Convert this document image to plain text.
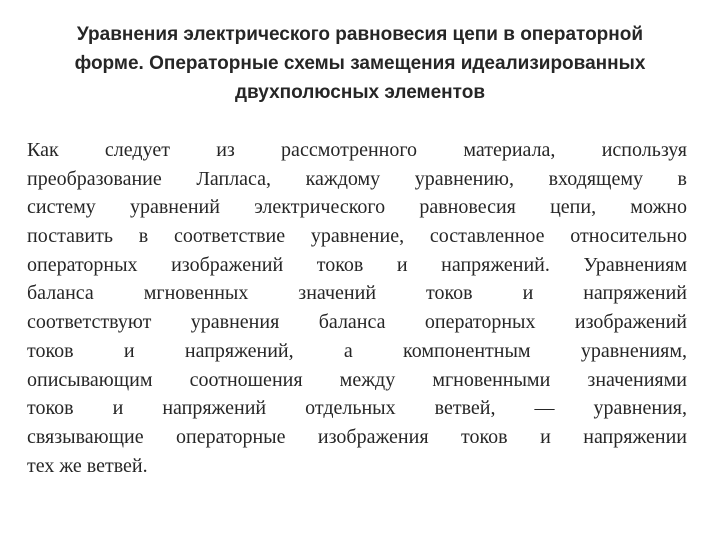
Уравнения электрического равновесия цепи в операторной
форме. Операторные схемы замещения идеализированных
двухполюсных элементов
Как следует из рассмотренного материала, используя
преобразование Лапласа, каждому уравнению, входящему в
систему уравнений электрического равновесия цепи, можно
поставить в соответствие уравнение, составленное относительно
операторных изображений токов и напряжений. Уравнениям
баланса мгновенных значений токов и напряжений
соответствуют уравнения баланса операторных изображений
токов и напряжений, а компонентным уравнениям,
описывающим соотношения между мгновенными значениями
токов и напряжений отдельных ветвей, — уравнения,
связывающие операторные изображения токов и напряжении
тех же ветвей.
